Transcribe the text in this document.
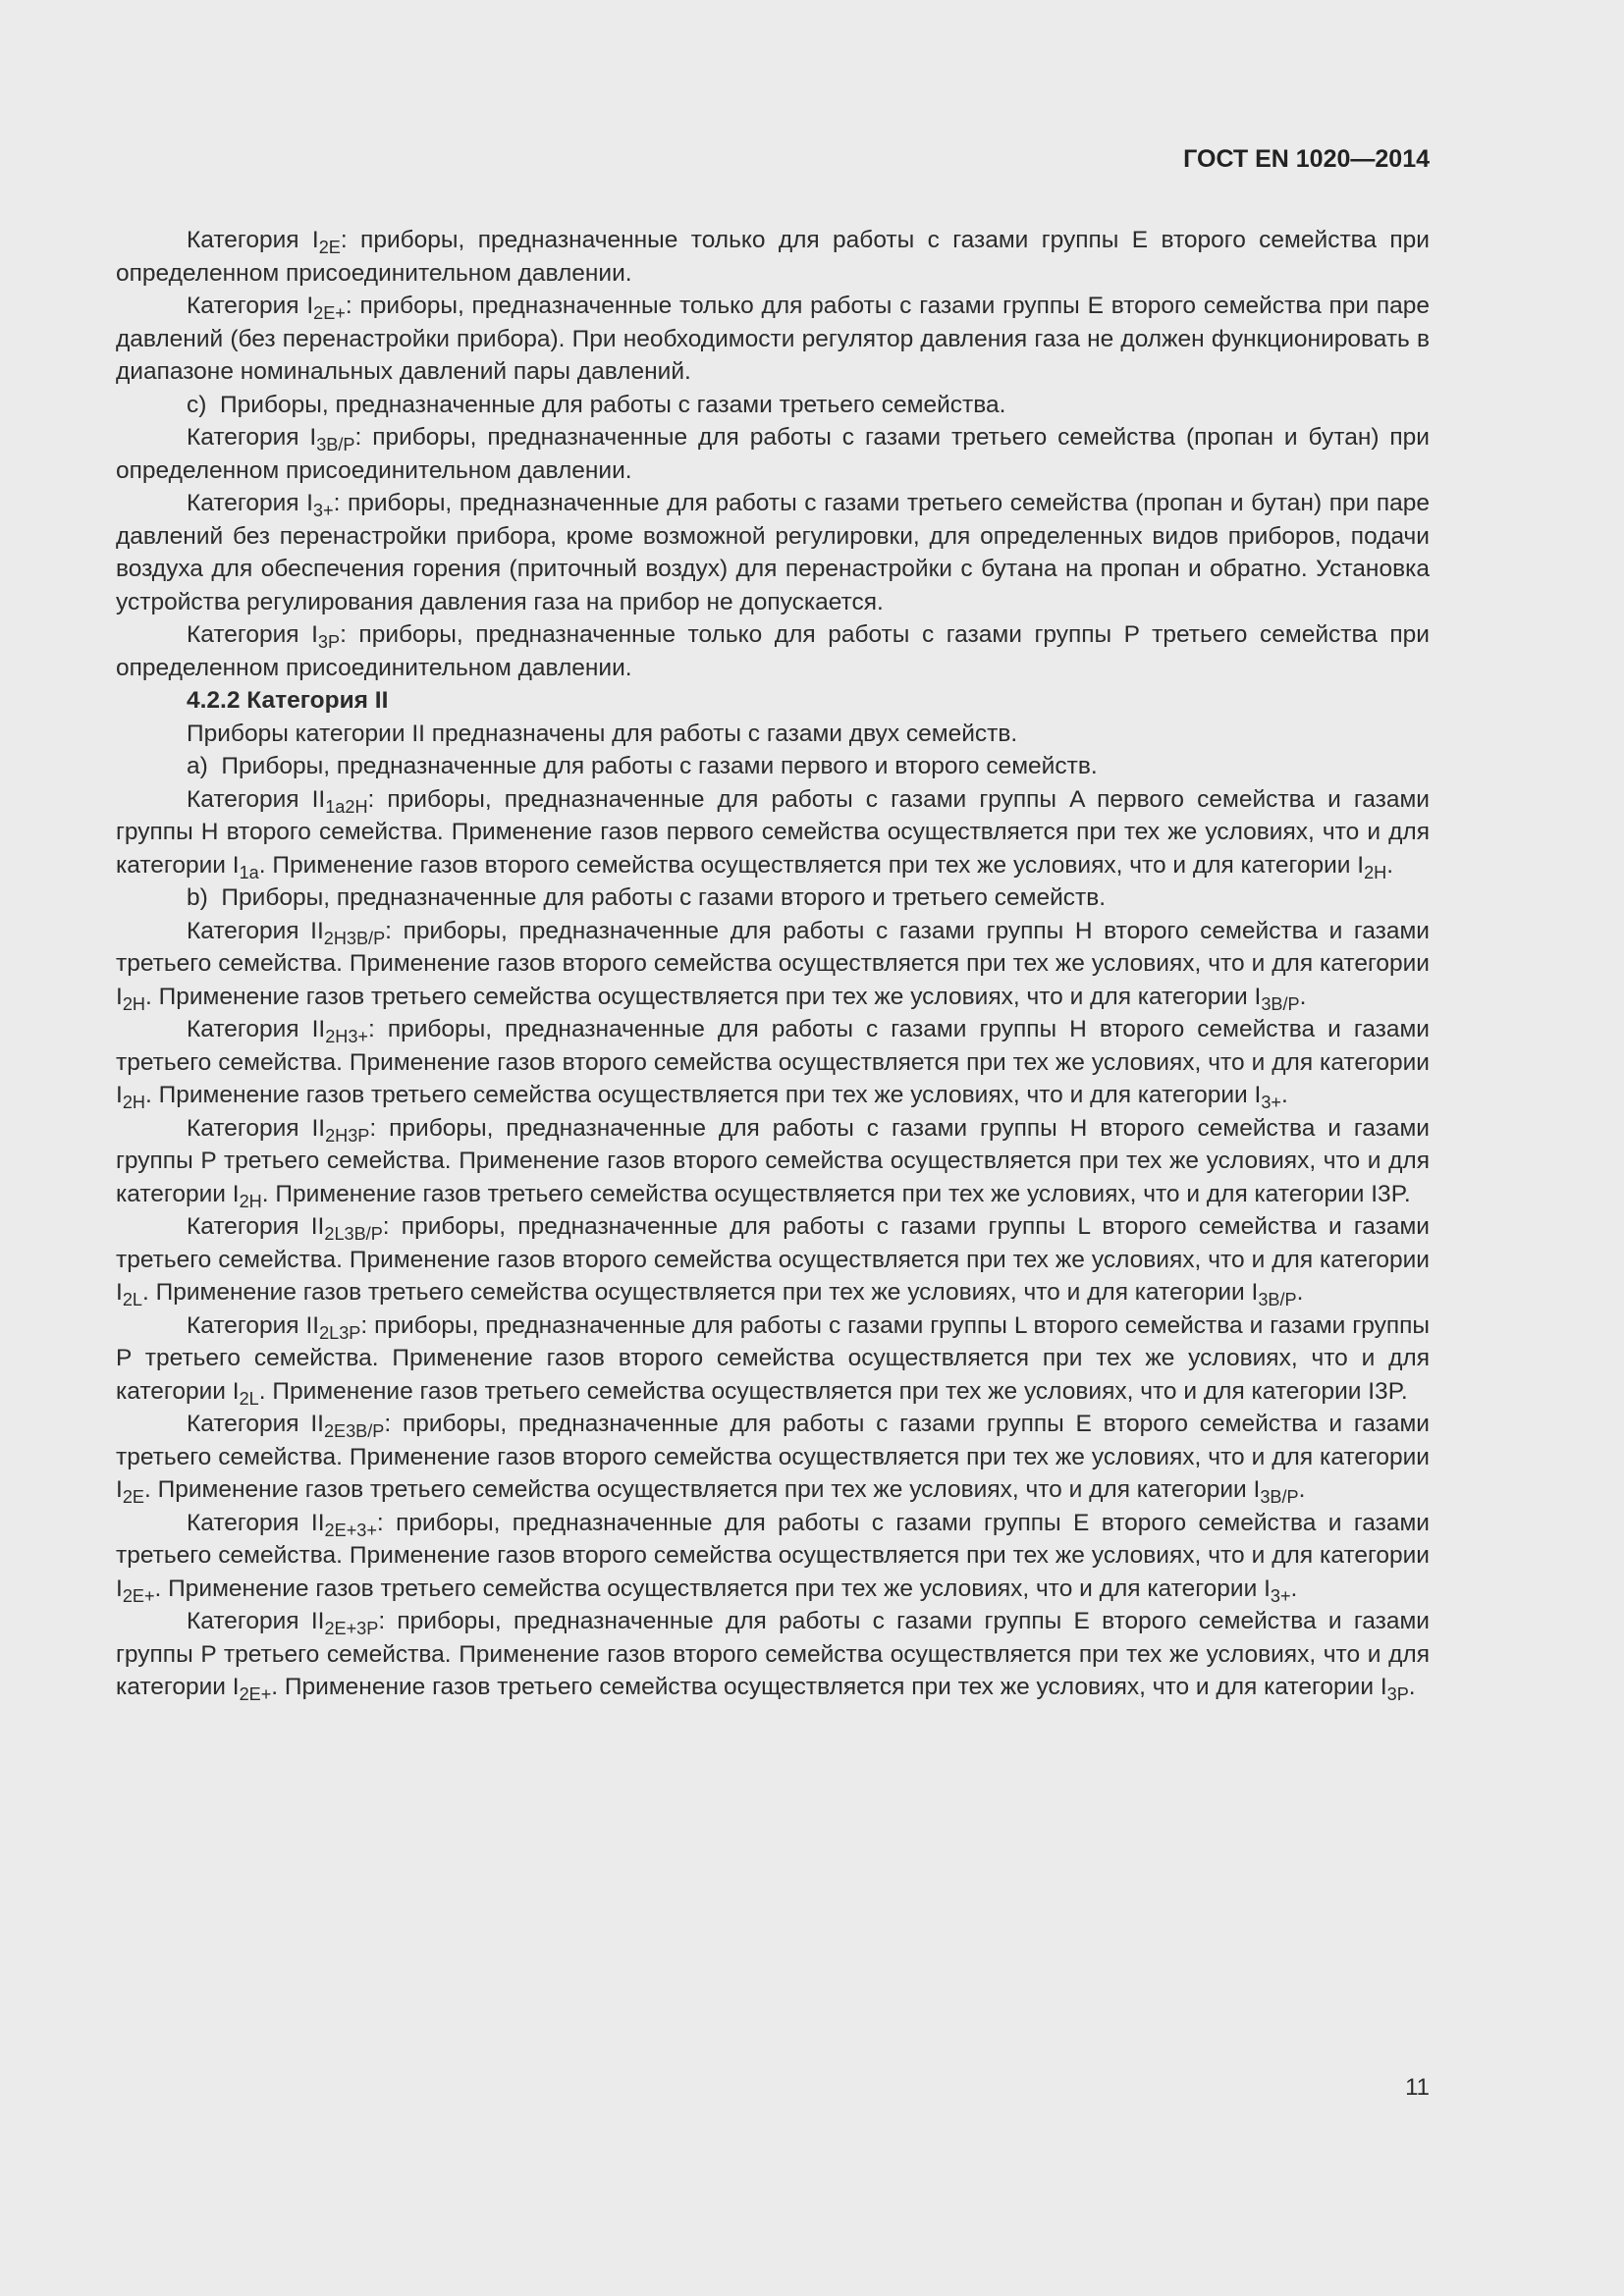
ГОСТ EN 1020—2014

Категория $I_{2E}$: приборы, предназначенные только для работы с газами группы E второго семейства при определенном присоединительном давлении.

Категория $I_{2E+}$: приборы, предназначенные только для работы с газами группы E второго семейства при паре давлений (без перенастройки прибора). При необходимости регулятор давления газа не должен функционировать в диапазоне номинальных давлений пары давлений.

c)  Приборы, предназначенные для работы с газами третьего семейства.

Категория $I_{3B/P}$: приборы, предназначенные для работы с газами третьего семейства (пропан и бутан) при определенном присоединительном давлении.

Категория $I_{3+}$: приборы, предназначенные для работы с газами третьего семейства (пропан и бутан) при паре давлений без перенастройки прибора, кроме возможной регулировки, для определенных видов приборов, подачи воздуха для обеспечения горения (приточный воздух) для перенастройки с бутана на пропан и обратно. Установка устройства регулирования давления газа на прибор не допускается.

Категория $I_{3P}$: приборы, предназначенные только для работы с газами группы P третьего семейства при определенном присоединительном давлении.

4.2.2 Категория II

Приборы категории II предназначены для работы с газами двух семейств.

a)  Приборы, предназначенные для работы с газами первого и второго семейств.

Категория $II_{1a2H}$: приборы, предназначенные для работы с газами группы A первого семейства и газами группы H второго семейства. Применение газов первого семейства осуществляется при тех же условиях, что и для категории $I_{1a}$. Применение газов второго семейства осуществляется при тех же условиях, что и для категории $I_{2H}$.

b)  Приборы, предназначенные для работы с газами второго и третьего семейств.

Категория $II_{2H3B/P}$: приборы, предназначенные для работы с газами группы H второго семейства и газами третьего семейства. Применение газов второго семейства осуществляется при тех же условиях, что и для категории $I_{2H}$. Применение газов третьего семейства осуществляется при тех же условиях, что и для категории $I_{3B/P}$.

Категория $II_{2H3+}$: приборы, предназначенные для работы с газами группы H второго семейства и газами третьего семейства. Применение газов второго семейства осуществляется при тех же условиях, что и для категории $I_{2H}$. Применение газов третьего семейства осуществляется при тех же условиях, что и для категории $I_{3+}$.

Категория $II_{2H3P}$: приборы, предназначенные для работы с газами группы H второго семейства и газами группы P третьего семейства. Применение газов второго семейства осуществляется при тех же условиях, что и для категории $I_{2H}$. Применение газов третьего семейства осуществляется при тех же условиях, что и для категории I3P.

Категория $II_{2L3B/P}$: приборы, предназначенные для работы с газами группы L второго семейства и газами третьего семейства. Применение газов второго семейства осуществляется при тех же условиях, что и для категории $I_{2L}$. Применение газов третьего семейства осуществляется при тех же условиях, что и для категории $I_{3B/P}$.

Категория $II_{2L3P}$: приборы, предназначенные для работы с газами группы L второго семейства и газами группы P третьего семейства. Применение газов второго семейства осуществляется при тех же условиях, что и для категории $I_{2L}$. Применение газов третьего семейства осуществляется при тех же условиях, что и для категории I3P.

Категория $II_{2E3B/P}$: приборы, предназначенные для работы с газами группы E второго семейства и газами третьего семейства. Применение газов второго семейства осуществляется при тех же условиях, что и для категории $I_{2E}$. Применение газов третьего семейства осуществляется при тех же условиях, что и для категории $I_{3B/P}$.

Категория $II_{2E+3+}$: приборы, предназначенные для работы с газами группы E второго семейства и газами третьего семейства. Применение газов второго семейства осуществляется при тех же условиях, что и для категории $I_{2E+}$. Применение газов третьего семейства осуществляется при тех же условиях, что и для категории $I_{3+}$.

Категория $II_{2E+3P}$: приборы, предназначенные для работы с газами группы E второго семейства и газами группы P третьего семейства. Применение газов второго семейства осуществляется при тех же условиях, что и для категории $I_{2E+}$. Применение газов третьего семейства осуществляется при тех же условиях, что и для категории $I_{3P}$.

11
